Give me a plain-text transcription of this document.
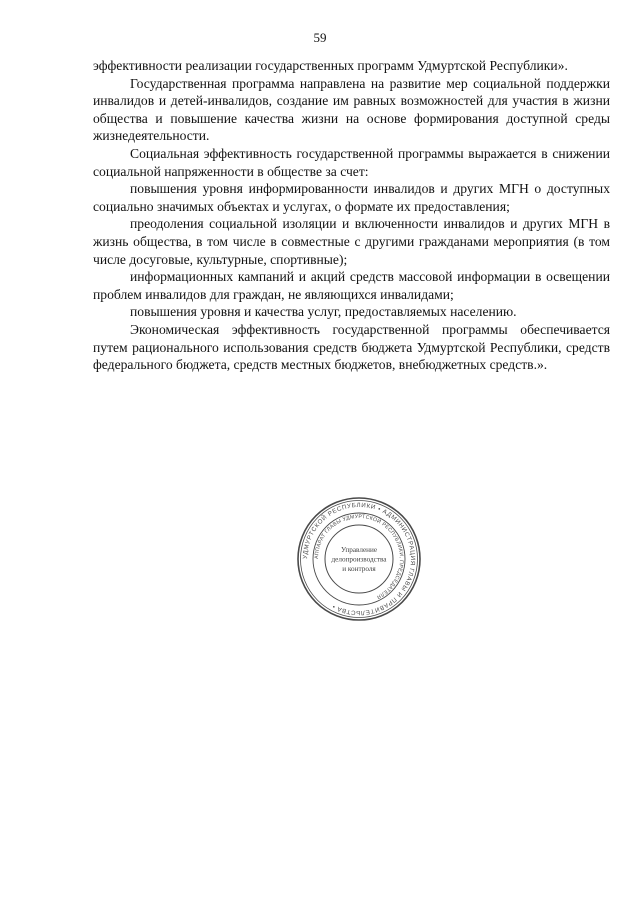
59

эффективности реализации государственных программ Удмуртской Республики».

Государственная программа направлена на развитие мер социальной поддержки инвалидов и детей-инвалидов, создание им равных возможностей для участия в жизни общества и повышение качества жизни на основе формирования доступной среды жизнедеятельности.

Социальная эффективность государственной программы выражается в снижении социальной напряженности в обществе за счет:

повышения уровня информированности инвалидов и других МГН о доступных социально значимых объектах и услугах, о формате их предоставления;

преодоления социальной изоляции и включенности инвалидов и других МГН в жизнь общества, в том числе в совместные с другими гражданами мероприятия (в том числе досуговые, культурные, спортивные);

информационных кампаний и акций средств массовой информации в освещении проблем инвалидов для граждан, не являющихся инвалидами;

повышения уровня и качества услуг, предоставляемых населению.

Экономическая эффективность государственной программы обеспечивается путем рационального использования средств бюджета Удмуртской Республики, средств федерального бюджета, средств местных бюджетов, внебюджетных средств.».

УДМУРТСКОЙ РЕСПУБЛИКИ • АДМИНИСТРАЦИЯ ГЛАВЫ И ПРАВИТЕЛЬСТВА •
АППАРАТ ГЛАВЫ УДМУРТСКОЙ РЕСПУБЛИКИ, ПРЕДСЕДАТЕЛЯ
Управление
делопроизводства
и контроля
